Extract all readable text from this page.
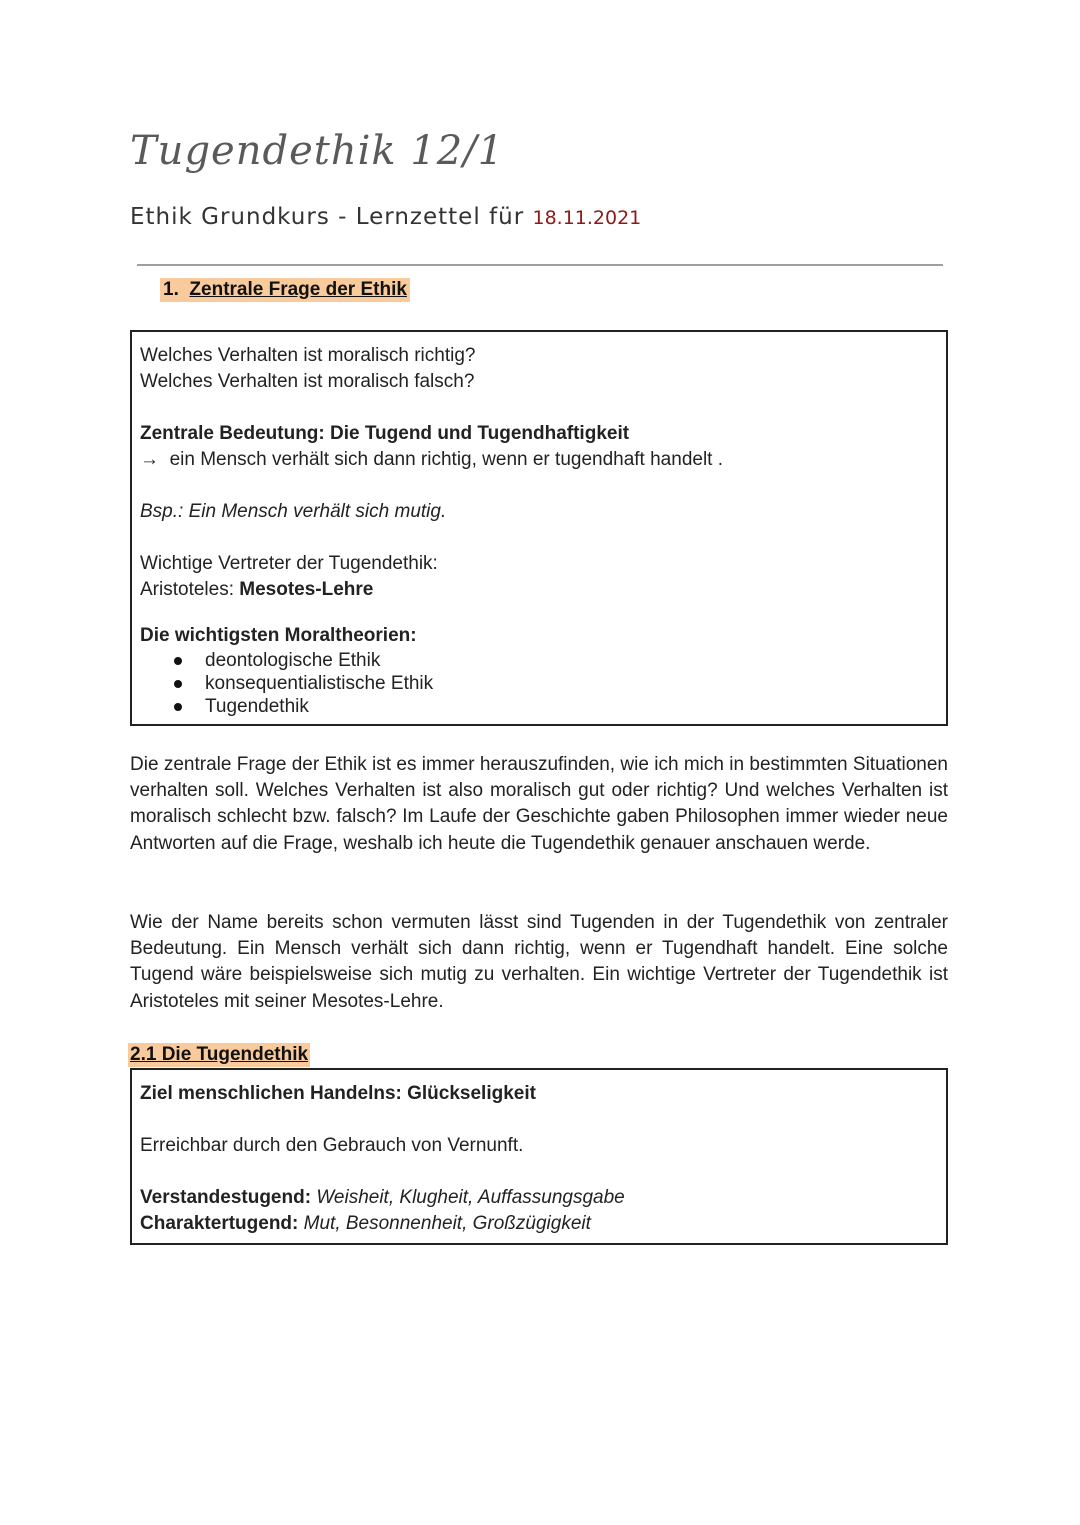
Tugendethik 12/1

Ethik Grundkurs - Lernzettel für 18.11.2021

1. Zentrale Frage der Ethik

Welches Verhalten ist moralisch richtig?

Welches Verhalten ist moralisch falsch?

Zentrale Bedeutung: Die Tugend und Tugendhaftigkeit

→ ein Mensch verhält sich dann richtig, wenn er tugendhaft handelt .

Bsp.: Ein Mensch verhält sich mutig.

Wichtige Vertreter der Tugendethik:

Aristoteles: Mesotes-Lehre

Die wichtigsten Moraltheorien:

deontologische Ethik
konsequentialistische Ethik
Tugendethik

Die zentrale Frage der Ethik ist es immer herauszufinden, wie ich mich in bestimmten Situationen verhalten soll. Welches Verhalten ist also moralisch gut oder richtig? Und welches Verhalten ist moralisch schlecht bzw. falsch? Im Laufe der Geschichte gaben Philosophen immer wieder neue Antworten auf die Frage, weshalb ich heute die Tugendethik genauer anschauen werde.

Wie der Name bereits schon vermuten lässt sind Tugenden in der Tugendethik von zentraler Bedeutung. Ein Mensch verhält sich dann richtig, wenn er Tugendhaft handelt. Eine solche Tugend wäre beispielsweise sich mutig zu verhalten. Ein wichtige Vertreter der Tugendethik ist Aristoteles mit seiner Mesotes-Lehre.

2.1 Die Tugendethik

Ziel menschlichen Handelns: Glückseligkeit

Erreichbar durch den Gebrauch von Vernunft.

Verstandestugend: Weisheit, Klugheit, Auffassungsgabe

Charaktertugend: Mut, Besonnenheit, Großzügigkeit
